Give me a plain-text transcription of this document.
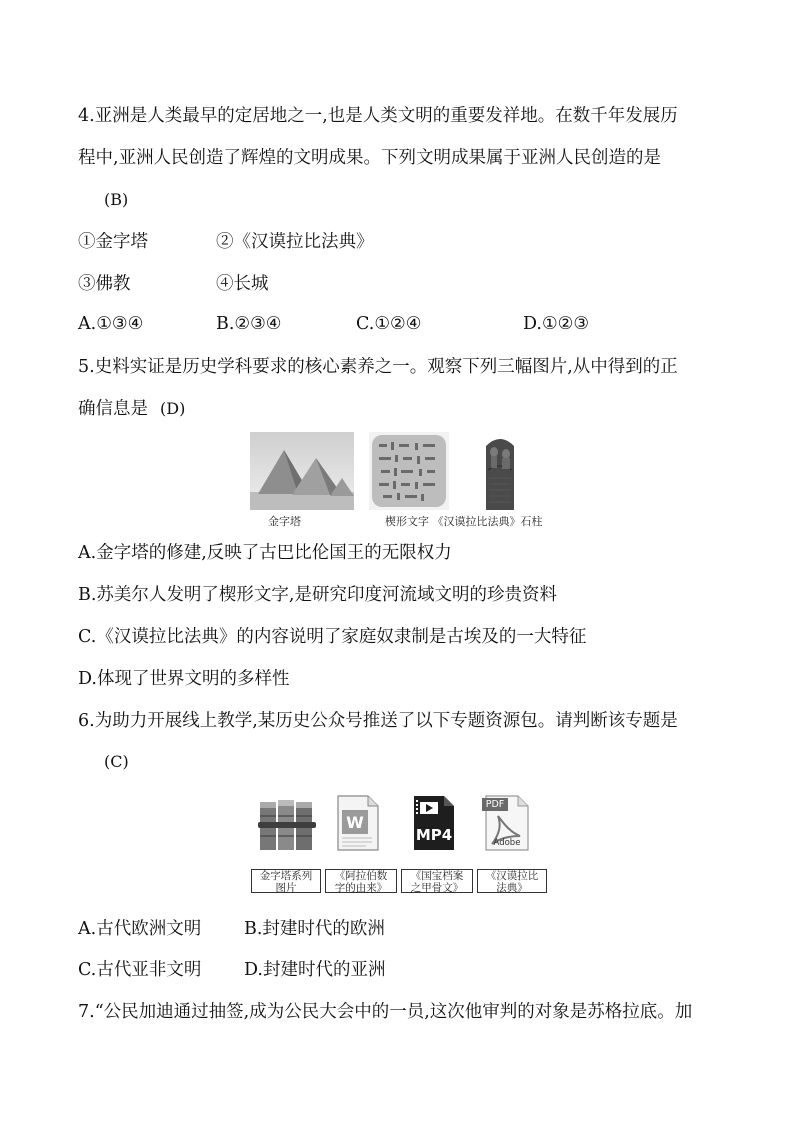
4.亚洲是人类最早的定居地之一,也是人类文明的重要发祥地。在数千年发展历
程中,亚洲人民创造了辉煌的文明成果。下列文明成果属于亚洲人民创造的是
(B)
①金字塔	②《汉谟拉比法典》
③佛教	④长城
A.①③④	B.②③④	C.①②④	D.①②③
5.史料实证是历史学科要求的核心素养之一。观察下列三幅图片,从中得到的正
确信息是 (D)
金字塔	楔形文字 《汉谟拉比法典》石柱
A.金字塔的修建,反映了古巴比伦国王的无限权力
B.苏美尔人发明了楔形文字,是研究印度河流域文明的珍贵资料
C.《汉谟拉比法典》的内容说明了家庭奴隶制是古埃及的一大特征
D.体现了世界文明的多样性
6.为助力开展线上教学,某历史公众号推送了以下专题资源包。请判断该专题是
(C)
W
MP4
PDF
Adobe
金字塔系列
图片
《阿拉伯数
字的由来》
《国宝档案
之甲骨文》
《汉谟拉比
法典》
A.古代欧洲文明 B.封建时代的欧洲
C.古代亚非文明 D.封建时代的亚洲
7.“公民加迪通过抽签,成为公民大会中的一员,这次他审判的对象是苏格拉底。加
